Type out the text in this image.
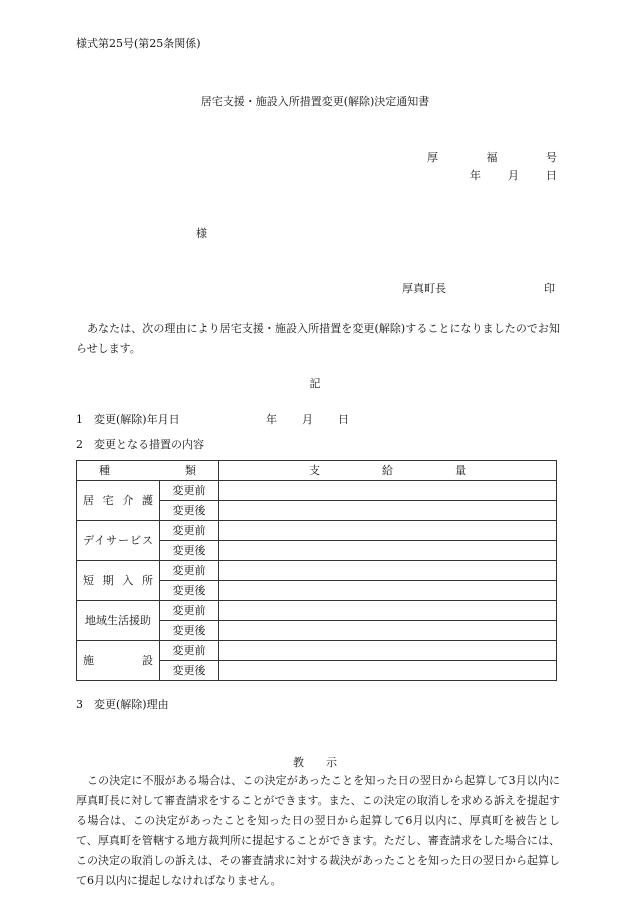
様式第25号(第25条関係)
居宅支援・施設入所措置変更(解除)決定通知書
厚	福	号
年 月 日
様
厚真町長	印

あなたは、次の理由により居宅支援・施設入所措置を変更(解除)することになりましたのでお知らせします。

記
1 変更(解除)年月日	年 月 日
2 変更となる措置の内容
種類		支給量
居宅介護	変更前	
	変更後	
デイサービス	変更前	
	変更後	
短期入所	変更前	
	変更後	
地域生活援助	変更前	
	変更後	
施設	変更前	
	変更後	
3 変更(解除)理由
教示

この決定に不服がある場合は、この決定があったことを知った日の翌日から起算して3月以内に厚真町長に対して審査請求をすることができます。また、この決定の取消しを求める訴えを提起する場合は、この決定があったことを知った日の翌日から起算して6月以内に、厚真町を被告として、厚真町を管轄する地方裁判所に提起することができます。ただし、審査請求をした場合には、この決定の取消しの訴えは、その審査請求に対する裁決があったことを知った日の翌日から起算して6月以内に提起しなければなりません。
